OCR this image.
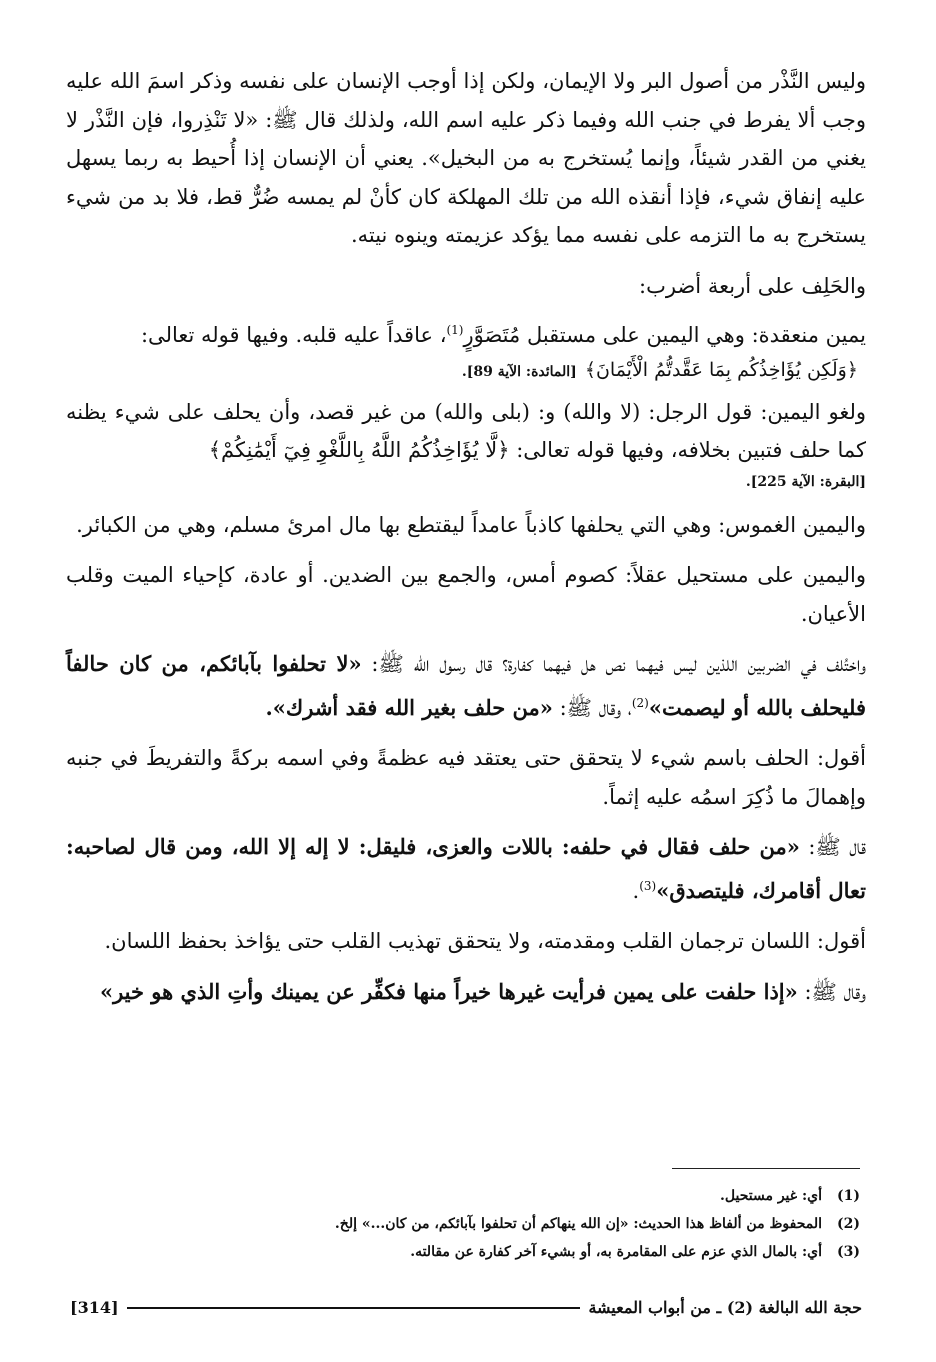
وليس النَّذْر من أصول البر ولا الإيمان، ولكن إذا أوجب الإنسان على نفسه وذكر اسمَ الله عليه وجب ألا يفرط في جنب الله وفيما ذكر عليه اسم الله، ولذلك قال ﷺ: «لا تَنْذِروا، فإن النَّذْر لا يغني من القدر شيئاً، وإنما يُستخرج به من البخيل». يعني أن الإنسان إذا أُحيط به ربما يسهل عليه إنفاق شيء، فإذا أنقذه الله من تلك المهلكة كان كأنْ لم يمسه ضُرٌّ قط، فلا بد من شيء يستخرج به ما التزمه على نفسه مما يؤكد عزيمته وينوه نيته.

والحَلِف على أربعة أضرب:

يمين منعقدة: وهي اليمين على مستقبل مُتَصَوَّرٍ$^{(1)}$، عاقداً عليه قلبه. وفيها قوله تعالى:

﴿وَلَكِن يُؤَاخِذُكُم بِمَا عَقَّدتُّمُ الْأَيْمَانَ﴾[المائدة: الآية 89].

ولغو اليمين: قول الرجل: (لا والله) و: (بلى والله) من غير قصد، وأن يحلف على شيء يظنه كما حلف فتبين بخلافه، وفيها قوله تعالى: ﴿لَّا يُؤَاخِذُكُمُ اللَّهُ بِاللَّغْوِ فِيٓ أَيْمَٰنِكُمْ﴾

[البقرة: الآية 225].

واليمين الغموس: وهي التي يحلفها كاذباً عامداً ليقتطع بها مال امرئ مسلم، وهي من الكبائر.

واليمين على مستحيل عقلاً: كصوم أمس، والجمع بين الضدين. أو عادة، كإحياء الميت وقلب الأعيان.

واختُلف في الضربين اللذين ليس فيهما نص هل فيهما كفارة؟ قال رسول الله ﷺ: «لا تحلفوا بآبائكم، من كان حالفاً فليحلف بالله أو ليصمت»$^{(2)}$، وقال ﷺ: «من حلف بغير الله فقد أشرك».

أقول: الحلف باسم شيء لا يتحقق حتى يعتقد فيه عظمةً وفي اسمه بركةً والتفريطَ في جنبه وإهمالَ ما ذُكِرَ اسمُه عليه إثماً.

قال ﷺ: «من حلف فقال في حلفه: باللات والعزى، فليقل: لا إله إلا الله، ومن قال لصاحبه: تعال أقامرك، فليتصدق»$^{(3)}$.

أقول: اللسان ترجمان القلب ومقدمته، ولا يتحقق تهذيب القلب حتى يؤاخذ بحفظ اللسان.

وقال ﷺ: «إذا حلفت على يمين فرأيت غيرها خيراً منها فكفِّر عن يمينك وأتِ الذي هو خير»

(1)
أي: غير مستحيل.
(2)
المحفوظ من ألفاظ هذا الحديث: «إن الله ينهاكم أن تحلفوا بآبائكم، من كان...» إلخ.
(3)
أي: بالمال الذي عزم على المقامرة به، أو بشيء آخر كفارة عن مقالته.
حجة الله البالغة (2) ـ من أبواب المعيشة
[314]
